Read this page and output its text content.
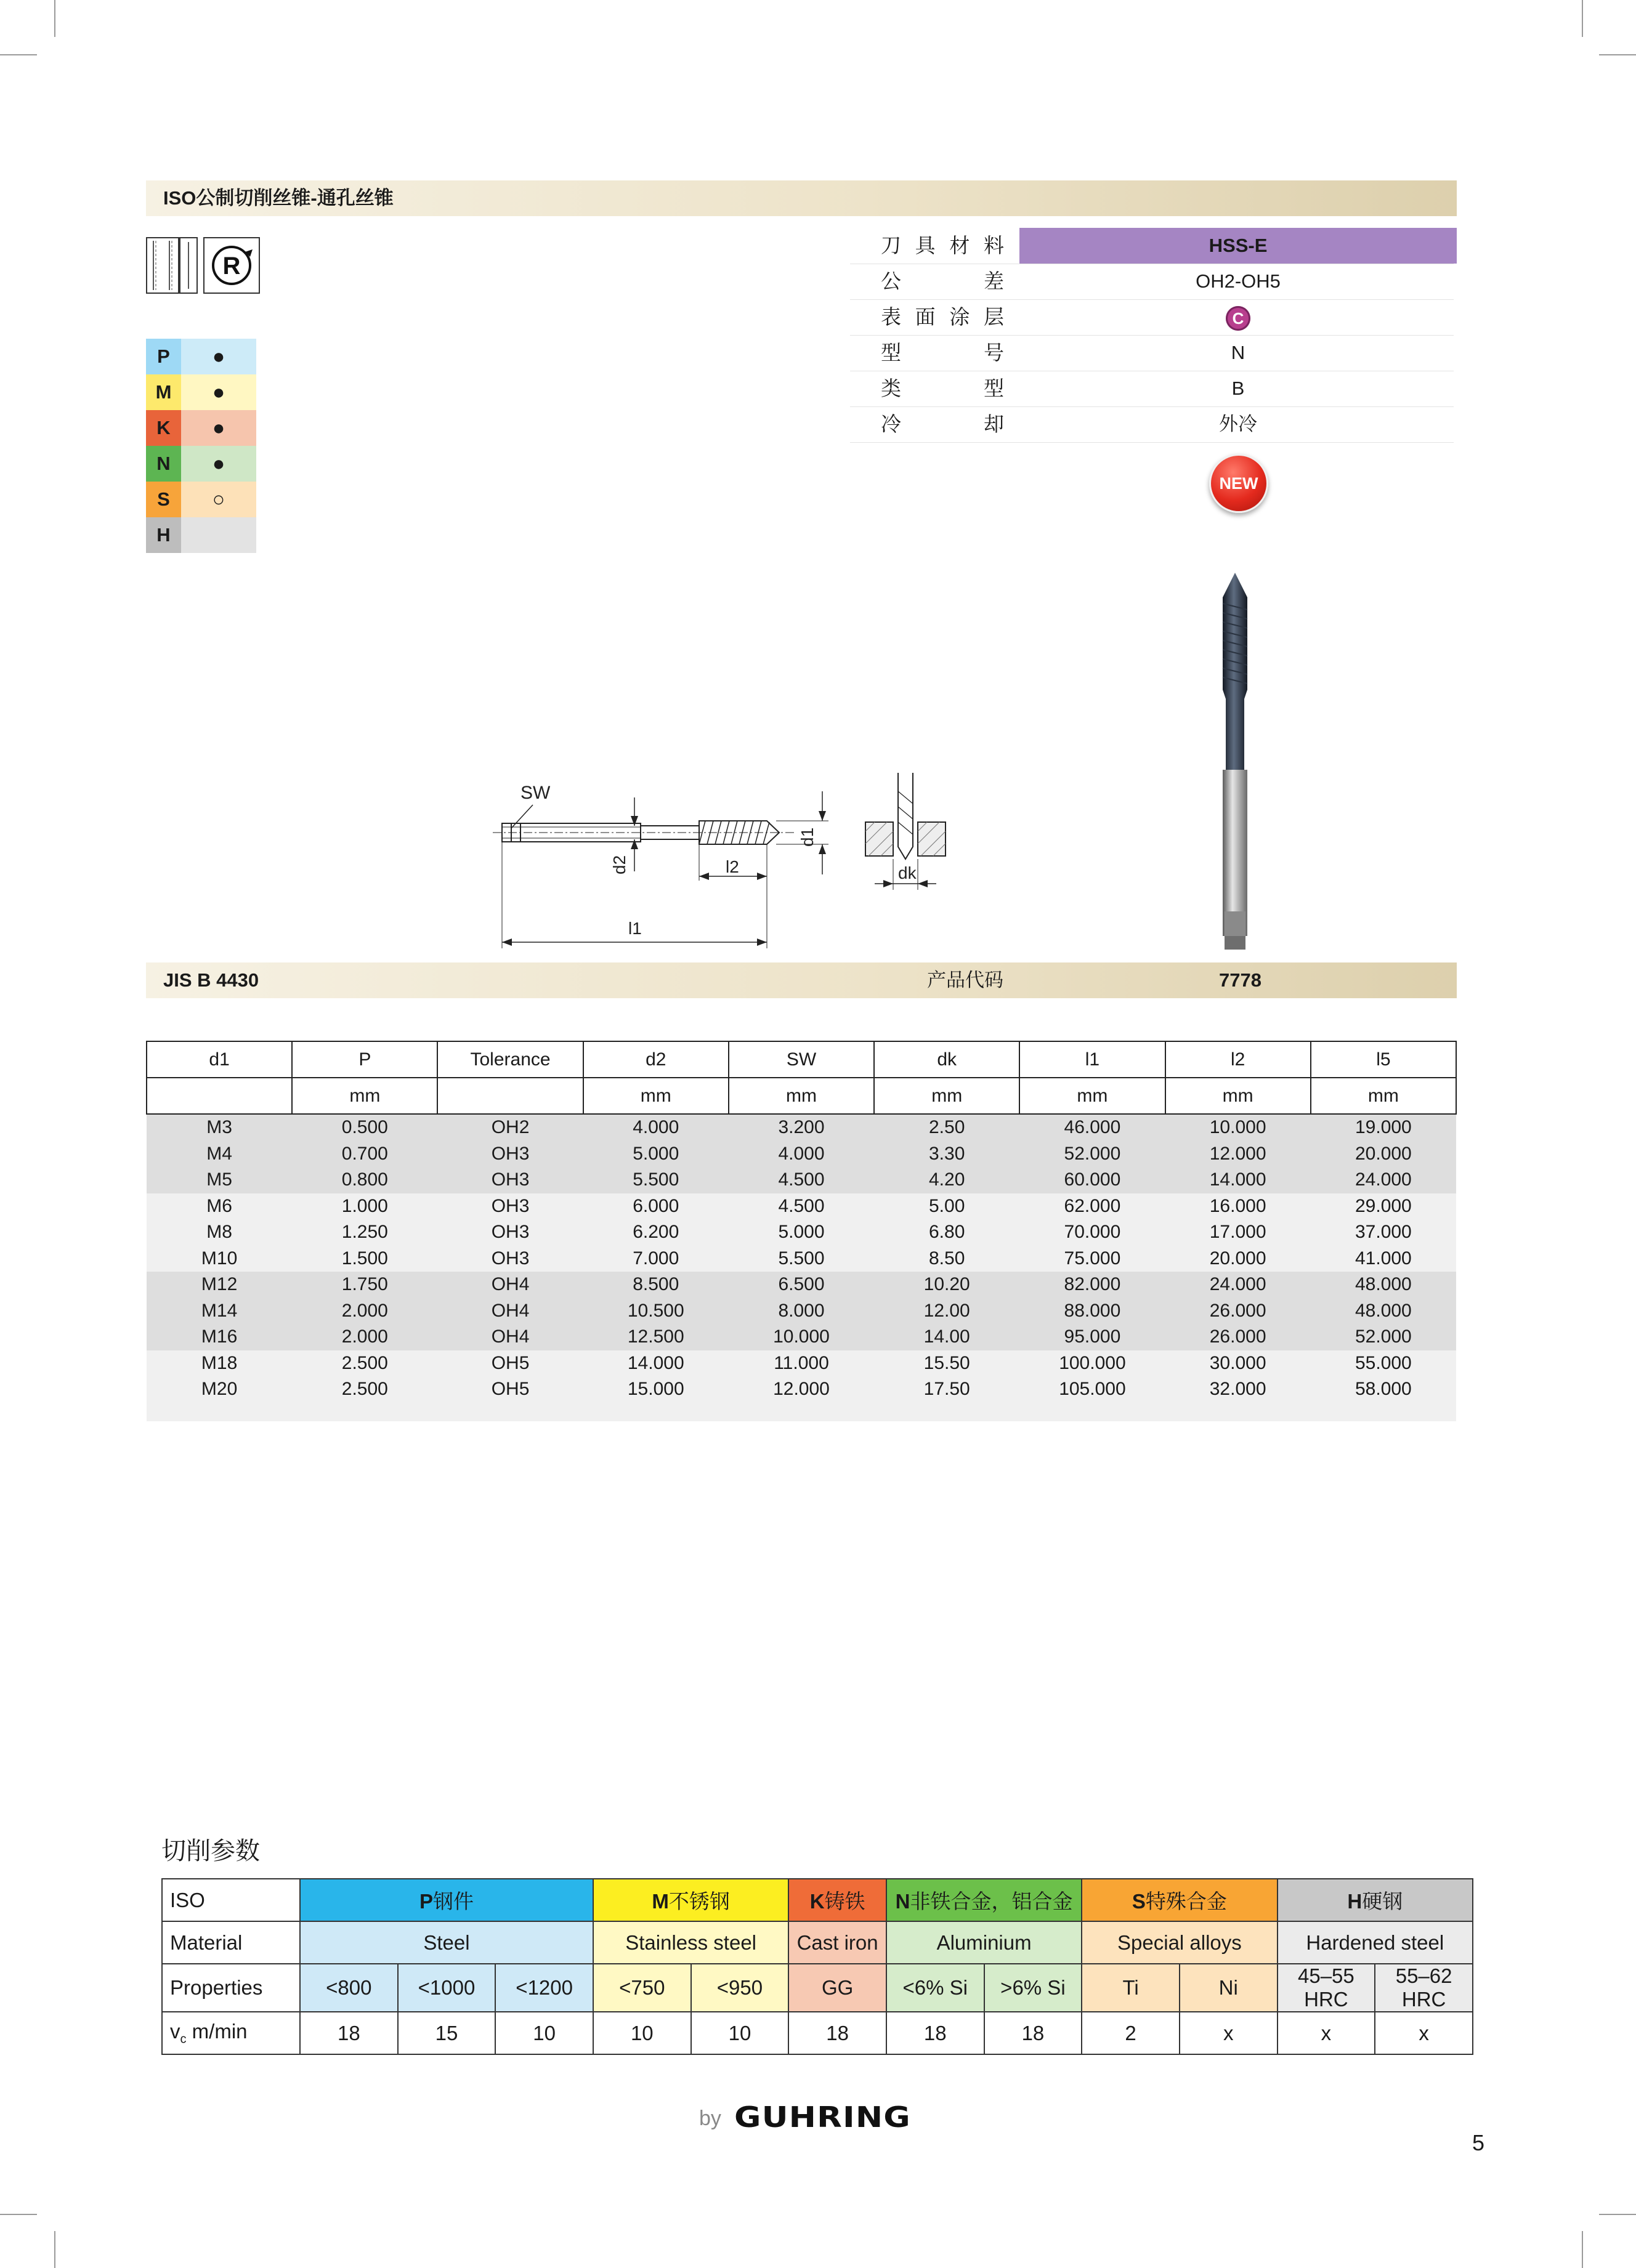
ISO公制切削丝锥-通孔丝锥
R
P	●
M	●
K	●
N	●
S	○
H
刀 具 材 料	HSS-E
公	差	OH2-OH5
表 面 涂 层	C
型	号	N
类	型	B
冷	却	外冷
NEW
SW
d2
d1
l2
l1
dk
JIS B 4430	产品代码	7778
d1	P	Tolerance	d2	SW	dk	l1	l2	l5
	mm		mm	mm	mm	mm	mm	mm
M3	0.500	OH2	4.000	3.200	2.50	46.000	10.000	19.000
M4	0.700	OH3	5.000	4.000	3.30	52.000	12.000	20.000
M5	0.800	OH3	5.500	4.500	4.20	60.000	14.000	24.000
M6	1.000	OH3	6.000	4.500	5.00	62.000	16.000	29.000
M8	1.250	OH3	6.200	5.000	6.80	70.000	17.000	37.000
M10	1.500	OH3	7.000	5.500	8.50	75.000	20.000	41.000
M12	1.750	OH4	8.500	6.500	10.20	82.000	24.000	48.000
M14	2.000	OH4	10.500	8.000	12.00	88.000	26.000	48.000
M16	2.000	OH4	12.500	10.000	14.00	95.000	26.000	52.000
M18	2.500	OH5	14.000	11.000	15.50	100.000	30.000	55.000
M20	2.500	OH5	15.000	12.000	17.50	105.000	32.000	58.000

切削参数
ISO	P钢件			M不锈钢		K铸铁	N非铁合金，铝合金		S特殊合金		H硬钢	
Material	Steel			Stainless steel		Cast iron	Aluminium		Special alloys		Hardened steel	
Properties	<800	<1000	<1200	<750	<950	GG	<6% Si	>6% Si	Ti	Ni	45–55 HRC	55–62 HRC
$v_c$ m/min	18	15	10	10	10	18	18	18	2	x	x	x
by GUHRING
5
